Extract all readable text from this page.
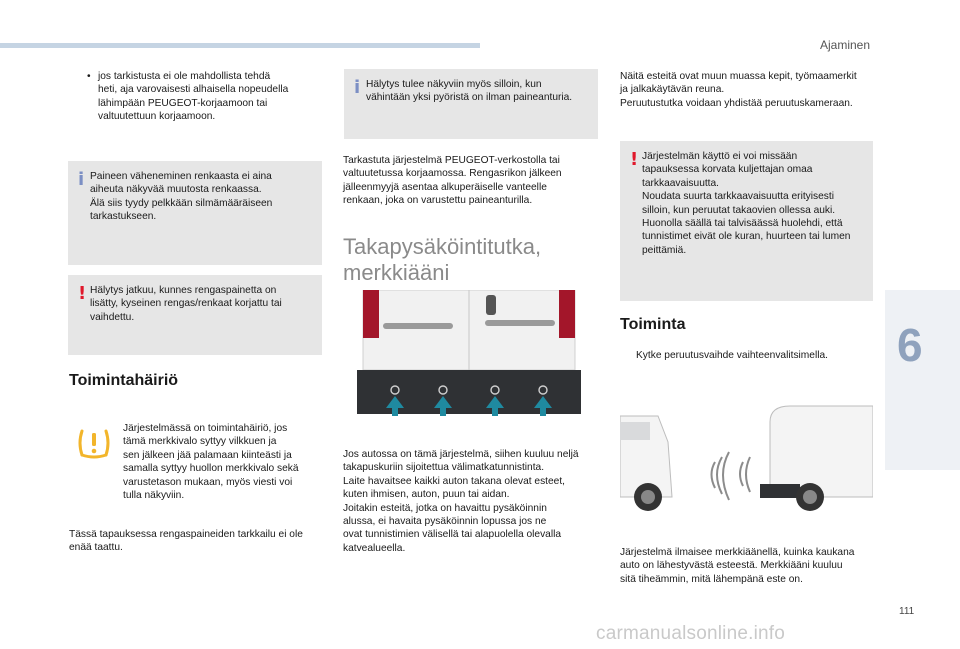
Ajaminen
• jos tarkistusta ei ole mahdollista tehdä
heti, aja varovaisesti alhaisella nopeudella
lähimpään PEUGEOT-korjaamoon tai
valtuutettuun korjaamoon.
i Paineen väheneminen renkaasta ei aina
aiheuta näkyvää muutosta renkaassa.
Älä siis tyydy pelkkään silmämääräiseen
tarkastukseen.
! Hälytys jatkuu, kunnes rengaspainetta on
lisätty, kyseinen rengas/renkaat korjattu tai
vaihdettu.
Toimintahäiriö
Järjestelmässä on toimintahäiriö, jos
tämä merkkivalo syttyy vilkkuen ja
sen jälkeen jää palamaan kiinteästi ja
samalla syttyy huollon merkkivalo sekä
varustetason mukaan, myös viesti voi
tulla näkyviin.
Tässä tapauksessa rengaspaineiden tarkkailu ei ole
enää taattu.
i Hälytys tulee näkyviin myös silloin, kun
vähintään yksi pyöristä on ilman paineanturia.
Tarkastuta järjestelmä PEUGEOT-verkostolla tai
valtuutetussa korjaamossa. Rengasrikon jälkeen
jälleenmyyjä asentaa alkuperäiselle vanteelle
renkaan, joka on varustettu paineanturilla.
Takapysäköintitutka,
merkkiääni
Jos autossa on tämä järjestelmä, siihen kuuluu neljä
takapuskuriin sijoitettua välimatkatunnistinta.
Laite havaitsee kaikki auton takana olevat esteet,
kuten ihmisen, auton, puun tai aidan.
Joitakin esteitä, jotka on havaittu pysäköinnin
alussa, ei havaita pysäköinnin lopussa jos ne
ovat tunnistimien välisellä tai alapuolella olevalla
katvealueella.
Näitä esteitä ovat muun muassa kepit, työmaamerkit
ja jalkakäytävän reuna.
Peruutustutka voidaan yhdistää peruutuskameraan.
! Järjestelmän käyttö ei voi missään
tapauksessa korvata kuljettajan omaa
tarkkaavaisuutta.
Noudata suurta tarkkaavaisuutta erityisesti
silloin, kun peruutat takaovien ollessa auki.
Huonolla säällä tai talvisäässä huolehdi, että
tunnistimet eivät ole kuran, huurteen tai lumen
peittämiä.
Toiminta
Kytke peruutusvaihde vaihteenvalitsimella.
Järjestelmä ilmaisee merkkiäänellä, kuinka kaukana
auto on lähestyvästä esteestä. Merkkiääni kuuluu
sitä tiheämmin, mitä lähempänä este on.
6
111
carmanualsonline.info
